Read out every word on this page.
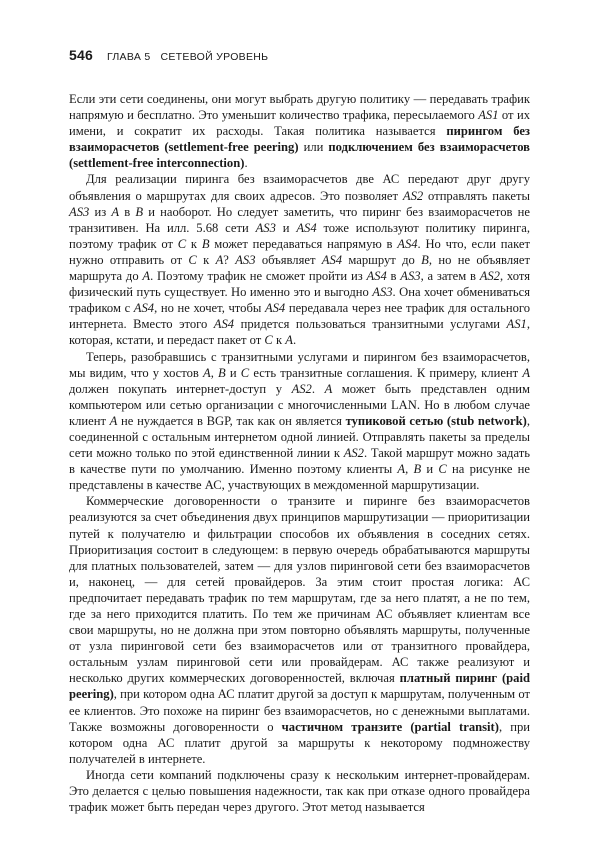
546 ГЛАВА 5 СЕТЕВОЙ УРОВЕНЬ

Если эти сети соединены, они могут выбрать другую политику — передавать трафик напрямую и бесплатно. Это уменьшит количество трафика, пересылаемого AS1 от их имени, и сократит их расходы. Такая политика называется пирингом без взаиморасчетов (settlement-free peering) или подключением без взаиморасчетов (settlement-free interconnection).

Для реализации пиринга без взаиморасчетов две АС передают друг другу объявления о маршрутах для своих адресов. Это позволяет AS2 отправлять пакеты AS3 из A в B и наоборот. Но следует заметить, что пиринг без взаиморасчетов не транзитивен. На илл. 5.68 сети AS3 и AS4 тоже используют политику пиринга, поэтому трафик от C к B может передаваться напрямую в AS4. Но что, если пакет нужно отправить от C к A? AS3 объявляет AS4 маршрут до B, но не объявляет маршрута до A. Поэтому трафик не сможет пройти из AS4 в AS3, а затем в AS2, хотя физический путь существует. Но именно это и выгодно AS3. Она хочет обмениваться трафиком с AS4, но не хочет, чтобы AS4 передавала через нее трафик для остального интернета. Вместо этого AS4 придется пользоваться транзитными услугами AS1, которая, кстати, и передаст пакет от C к A.

Теперь, разобравшись с транзитными услугами и пирингом без взаиморасчетов, мы видим, что у хостов A, B и C есть транзитные соглашения. К примеру, клиент A должен покупать интернет-доступ у AS2. A может быть представлен одним компьютером или сетью организации с многочисленными LAN. Но в любом случае клиент A не нуждается в BGP, так как он является тупиковой сетью (stub network), соединенной с остальным интернетом одной линией. Отправлять пакеты за пределы сети можно только по этой единственной линии к AS2. Такой маршрут можно задать в качестве пути по умолчанию. Именно поэтому клиенты A, B и C на рисунке не представлены в качестве АС, участвующих в междоменной маршрутизации.

Коммерческие договоренности о транзите и пиринге без взаиморасчетов реализуются за счет объединения двух принципов маршрутизации — приоритизации путей к получателю и фильтрации способов их объявления в соседних сетях. Приоритизация состоит в следующем: в первую очередь обрабатываются маршруты для платных пользователей, затем — для узлов пиринговой сети без взаиморасчетов и, наконец, — для сетей провайдеров. За этим стоит простая логика: АС предпочитает передавать трафик по тем маршрутам, где за него платят, а не по тем, где за него приходится платить. По тем же причинам АС объявляет клиентам все свои маршруты, но не должна при этом повторно объявлять маршруты, полученные от узла пиринговой сети без взаиморасчетов или от транзитного провайдера, остальным узлам пиринговой сети или провайдерам. АС также реализуют и несколько других коммерческих договоренностей, включая платный пиринг (paid peering), при котором одна АС платит другой за доступ к маршрутам, полученным от ее клиентов. Это похоже на пиринг без взаиморасчетов, но с денежными выплатами. Также возможны договоренности о частичном транзите (partial transit), при котором одна АС платит другой за маршруты к некоторому подмножеству получателей в интернете.

Иногда сети компаний подключены сразу к нескольким интернет-провайдерам. Это делается с целью повышения надежности, так как при отказе одного провайдера трафик может быть передан через другого. Этот метод называется
